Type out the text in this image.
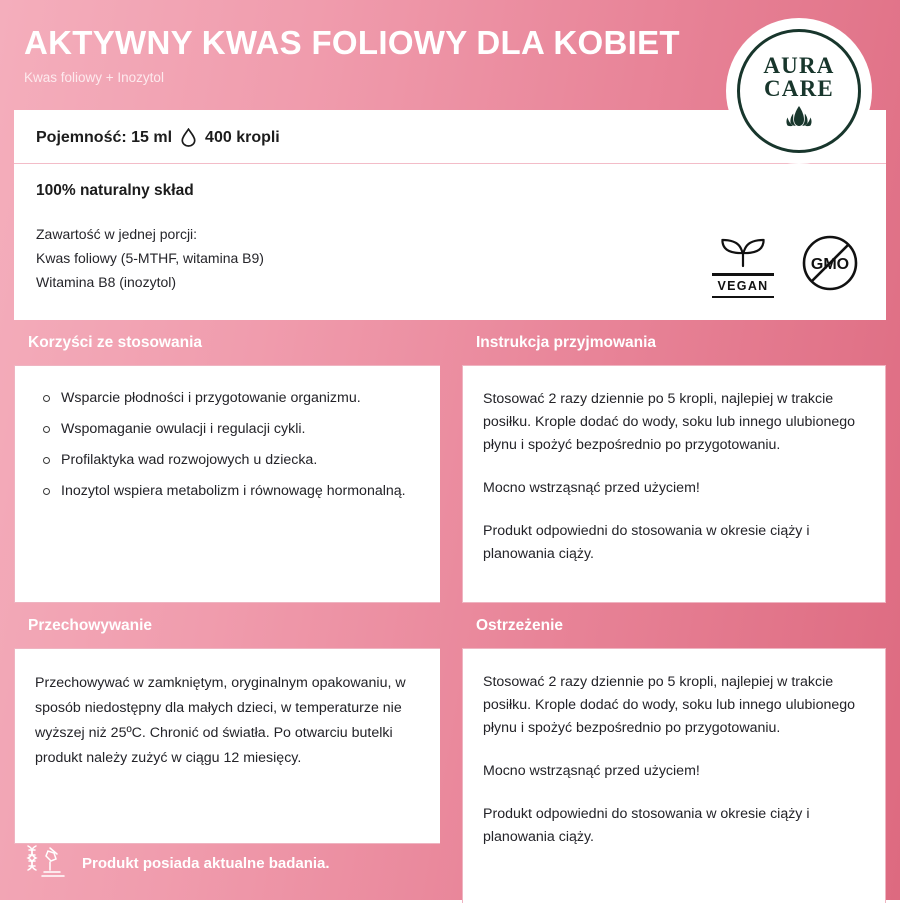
AKTYWNY KWAS FOLIOWY DLA KOBIET
Kwas foliowy + Inozytol	AURA
CARE
Pojemność: 15 ml 400 kropli
100% naturalny skład
Zawartość w jednej porcji:
Kwas foliowy (5-MTHF, witamina B9)
Witamina B8 (inozytol)	VEGAN
GMO
Korzyści ze stosowania
Wsparcie płodności i przygotowanie organizmu.
Wspomaganie owulacji i regulacji cykli.
Profilaktyka wad rozwojowych u dziecka.
Inozytol wspiera metabolizm i równowagę hormonalną.
Instrukcja przyjmowania
Stosować 2 razy dziennie po 5 kropli, najlepiej w trakcie posiłku. Krople dodać do wody, soku lub innego ulubionego płynu i spożyć bezpośrednio po przygotowaniu.
Mocno wstrząsnąć przed użyciem!
Produkt odpowiedni do stosowania w okresie ciąży i planowania ciąży.
Przechowywanie
Przechowywać w zamkniętym, oryginalnym opakowaniu, w sposób niedostępny dla małych dzieci, w temperaturze nie wyższej niż 25ºC. Chronić od światła. Po otwarciu butelki produkt należy zużyć w ciągu 12 miesięcy.
Ostrzeżenie
Stosować 2 razy dziennie po 5 kropli, najlepiej w trakcie posiłku. Krople dodać do wody, soku lub innego ulubionego płynu i spożyć bezpośrednio po przygotowaniu.
Mocno wstrząsnąć przed użyciem!
Produkt odpowiedni do stosowania w okresie ciąży i planowania ciąży.
Produkt posiada aktualne badania.
